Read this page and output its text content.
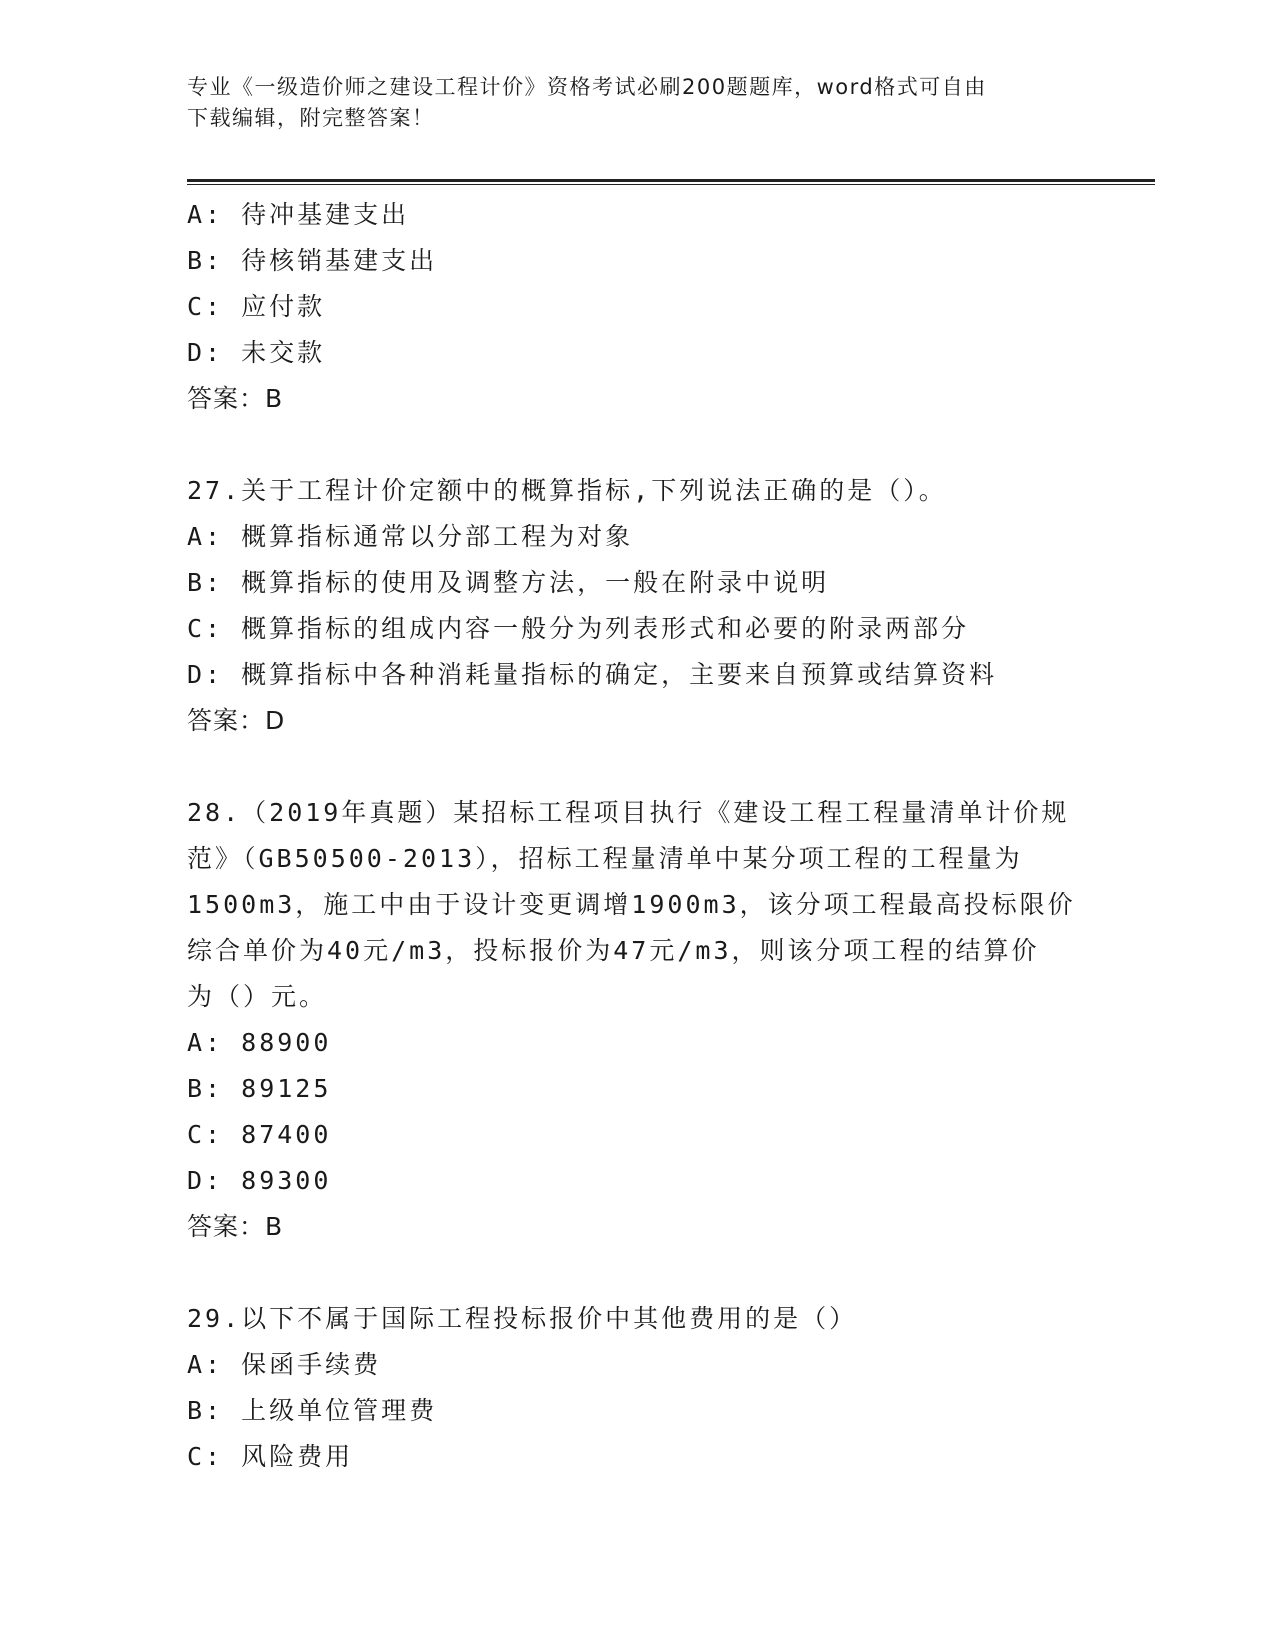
专业《一级造价师之建设工程计价》资格考试必刷200题题库，word格式可自由
下载编辑，附完整答案！
A: 待冲基建支出
B: 待核销基建支出
C: 应付款
D: 未交款
答案：B
27.关于工程计价定额中的概算指标,下列说法正确的是（）。
A: 概算指标通常以分部工程为对象
B: 概算指标的使用及调整方法，一般在附录中说明
C: 概算指标的组成内容一般分为列表形式和必要的附录两部分
D: 概算指标中各种消耗量指标的确定，主要来自预算或结算资料
答案：D
28.（2019年真题）某招标工程项目执行《建设工程工程量清单计价规
范》（GB50500-2013），招标工程量清单中某分项工程的工程量为
1500m3，施工中由于设计变更调增1900m3，该分项工程最高投标限价
综合单价为40元/m3，投标报价为47元/m3，则该分项工程的结算价
为（）元。
A: 88900
B: 89125
C: 87400
D: 89300
答案：B
29.以下不属于国际工程投标报价中其他费用的是（）
A: 保函手续费
B: 上级单位管理费
C: 风险费用
